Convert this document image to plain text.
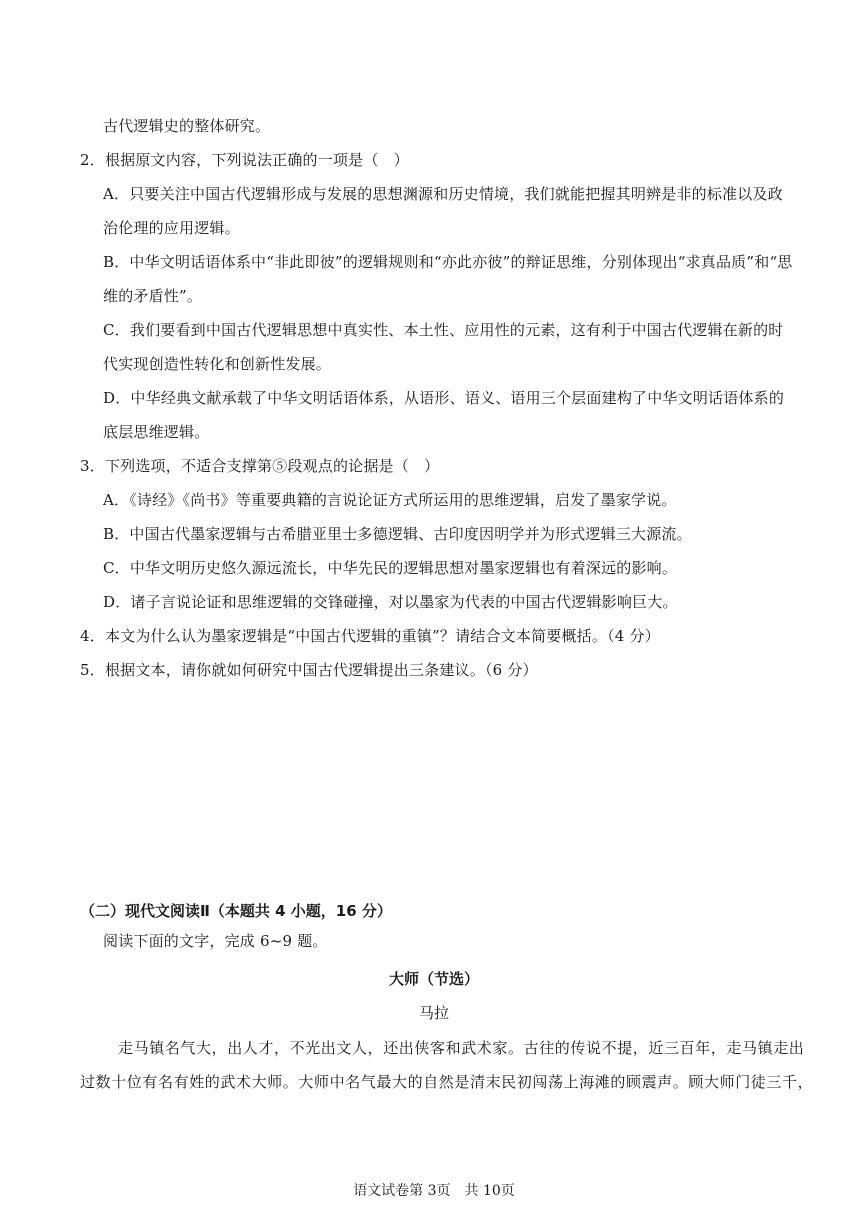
古代逻辑史的整体研究。
2．根据原文内容，下列说法正确的一项是（　）
A．只要关注中国古代逻辑形成与发展的思想渊源和历史情境，我们就能把握其明辨是非的标准以及政
治伦理的应用逻辑。
B．中华文明话语体系中“非此即彼”的逻辑规则和“亦此亦彼”的辩证思维，分别体现出“求真品质”和“思
维的矛盾性”。
C．我们要看到中国古代逻辑思想中真实性、本土性、应用性的元素，这有利于中国古代逻辑在新的时
代实现创造性转化和创新性发展。
D．中华经典文献承载了中华文明话语体系，从语形、语义、语用三个层面建构了中华文明话语体系的
底层思维逻辑。
3．下列选项，不适合支撑第⑤段观点的论据是（　）
A．《诗经》《尚书》等重要典籍的言说论证方式所运用的思维逻辑，启发了墨家学说。
B．中国古代墨家逻辑与古希腊亚里士多德逻辑、古印度因明学并为形式逻辑三大源流。
C．中华文明历史悠久源远流长，中华先民的逻辑思想对墨家逻辑也有着深远的影响。
D．诸子言说论证和思维逻辑的交锋碰撞，对以墨家为代表的中国古代逻辑影响巨大。
4．本文为什么认为墨家逻辑是“中国古代逻辑的重镇”？请结合文本简要概括。（4 分）
5．根据文本，请你就如何研究中国古代逻辑提出三条建议。（6 分）
（二）现代文阅读Ⅱ（本题共 4 小题，16 分）
阅读下面的文字，完成 6~9 题。
大师（节选）
马拉
走马镇名气大，出人才，不光出文人，还出侠客和武术家。古往的传说不提，近三百年，走马镇走出
过数十位有名有姓的武术大师。大师中名气最大的自然是清末民初闯荡上海滩的顾震声。顾大师门徒三千，
语文试卷第 3页　共 10页
